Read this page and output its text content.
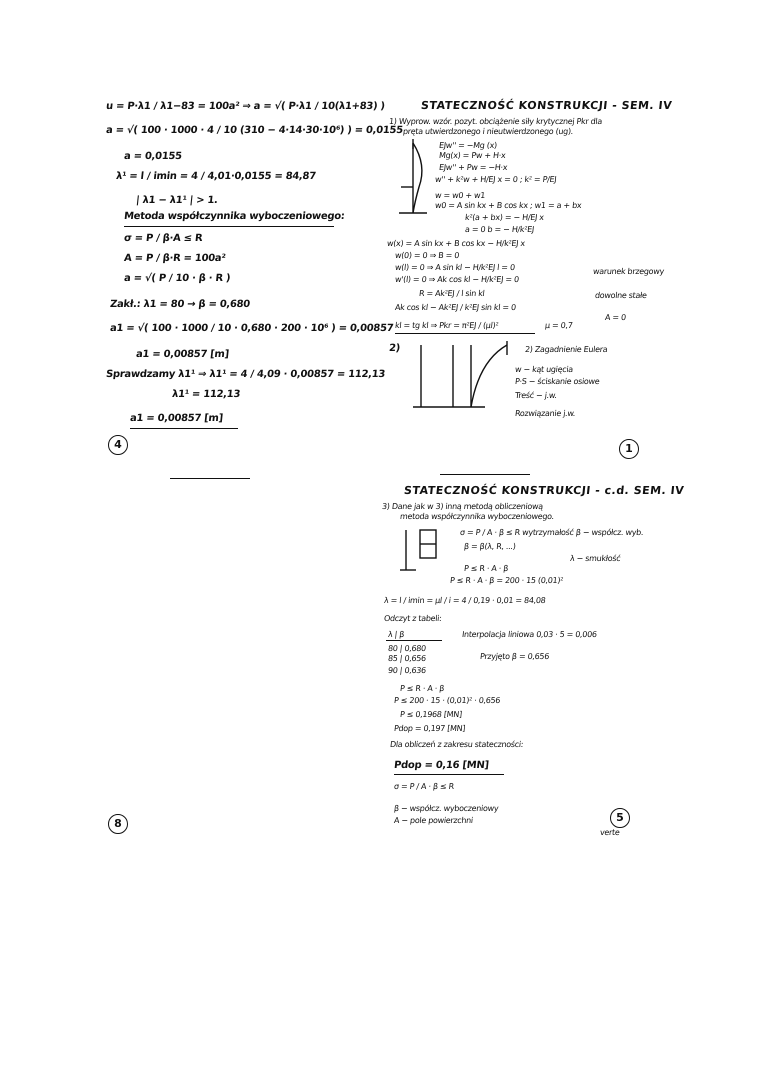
u = P·λ1 / λ1−83 = 100a² ⇒ a = √( P·λ1 / 10(λ1+83) )
a = √( 100 · 1000 · 4 / 10 (310 − 4·14·30·10⁶) ) = 0,0155
a = 0,0155
λ¹ = l / imin = 4 / 4,01·0,0155 = 84,87
| λ1 − λ1¹ | > 1.
Metoda współczynnika wyboczeniowego:
σ = P / β·A ≤ R
A = P / β·R = 100a²
a = √( P / 10 · β · R )
Zakł.: λ1 = 80 → β = 0,680
a1 = √( 100 · 1000 / 10 · 0,680 · 200 · 10⁶ ) = 0,00857
a1 = 0,00857 [m]
Sprawdzamy λ1¹ ⇒ λ1¹ = 4 / 4,09 · 0,00857 = 112,13
λ1¹ = 112,13
a1 = 0,00857 [m]
4
STATECZNOŚĆ KONSTRUKCJI - SEM. IV
1) Wyprow. wzór. pozyt. obciążenie siły krytycznej Pkr dla
pręta utwierdzonego i nieutwierdzonego (ug).
EJw'' = −Mg (x)
Mg(x) = Pw + H·x
EJw'' + Pw = −H·x
w'' + k²w + H/EJ x = 0 ; k² = P/EJ
w = w0 + w1
w0 = A sin kx + B cos kx ; w1 = a + bx
k²(a + bx) = − H/EJ x
a = 0 b = − H/k²EJ
w(x) = A sin kx + B cos kx − H/k²EJ x
w(0) = 0 ⇒ B = 0
w(l) = 0 ⇒ A sin kl − H/k²EJ l = 0
w'(l) = 0 ⇒ Ak cos kl − H/k²EJ = 0
warunek brzegowy
R = Ak²EJ / l sin kl	dowolne stałe
Ak cos kl − Ak²EJ / k²EJ sin kl = 0
A = 0
kl = tg kl ⇒ Pkr = π²EJ / (μl)²	μ = 0,7
2)	2) Zagadnienie Eulera
w − kąt ugięcia
P·S − ściskanie osiowe
Treść − j.w.
Rozwiązanie j.w.
1
8
STATECZNOŚĆ KONSTRUKCJI - c.d. SEM. IV
3) Dane jak w 3) inną metodą obliczeniową
metoda współczynnika wyboczeniowego.
σ = P / A · β ≤ R wytrzymałość β − współcz. wyb.
β = β(λ, R, ...)
λ − smukłość
P ≤ R · A · β
P ≤ R · A · β = 200 · 15 (0,01)²
λ = l / imin = μl / i = 4 / 0,19 · 0,01 = 84,08
Odczyt z tabeli:
λ | β
80 | 0,680
85 | 0,656
90 | 0,636
Interpolacja liniowa 0,03 · 5 = 0,006
Przyjęto β = 0,656
P ≤ R · A · β
P ≤ 200 · 15 · (0,01)² · 0,656
P ≤ 0,1968 [MN]
Pdop = 0,197 [MN]
Dla obliczeń z zakresu stateczności:
Pdop = 0,16 [MN]
σ = P / A · β ≤ R
β − współcz. wyboczeniowy
A − pole powierzchni	5
verte
